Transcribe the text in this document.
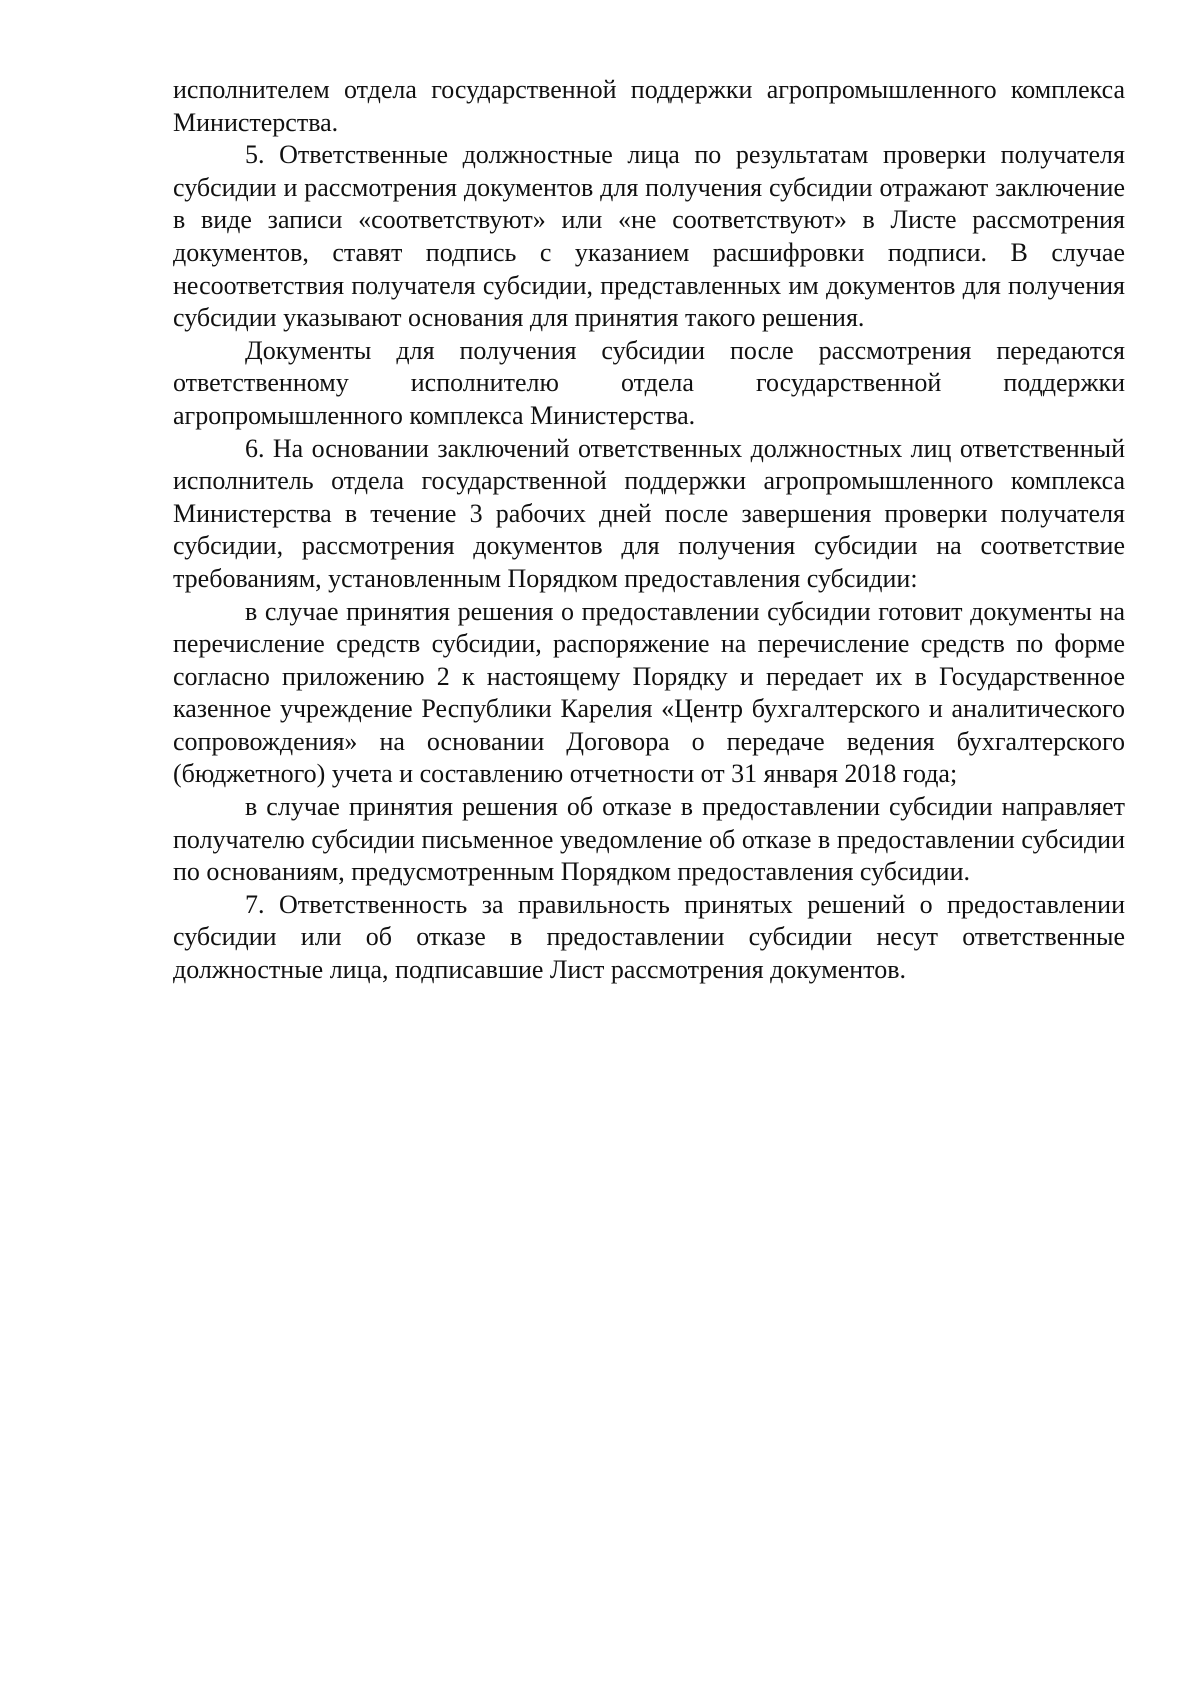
исполнителем отдела государственной поддержки агропромышленного комплекса Министерства.

5. Ответственные должностные лица по результатам проверки получателя субсидии и рассмотрения документов для получения субсидии отражают заключение в виде записи «соответствуют» или «не соответствуют» в Листе рассмотрения документов, ставят подпись с указанием расшифровки подписи. В случае несоответствия получателя субсидии, представленных им документов для получения субсидии указывают основания для принятия такого решения.

Документы для получения субсидии после рассмотрения передаются ответственному исполнителю отдела государственной поддержки агропромышленного комплекса Министерства.

6. На основании заключений ответственных должностных лиц ответственный исполнитель отдела государственной поддержки агропромышленного комплекса Министерства в течение 3 рабочих дней после завершения проверки получателя субсидии, рассмотрения документов для получения субсидии на соответствие требованиям, установленным Порядком предоставления субсидии:

в случае принятия решения о предоставлении субсидии готовит документы на перечисление средств субсидии, распоряжение на перечисление средств по форме согласно приложению 2 к настоящему Порядку и передает их в Государственное казенное учреждение Республики Карелия «Центр бухгалтерского и аналитического сопровождения» на основании Договора о передаче ведения бухгалтерского (бюджетного) учета и составлению отчетности от 31 января 2018 года;

в случае принятия решения об отказе в предоставлении субсидии направляет получателю субсидии письменное уведомление об отказе в предоставлении субсидии по основаниям, предусмотренным Порядком предоставления субсидии.

7. Ответственность за правильность принятых решений о предоставлении субсидии или об отказе в предоставлении субсидии несут ответственные должностные лица, подписавшие Лист рассмотрения документов.
